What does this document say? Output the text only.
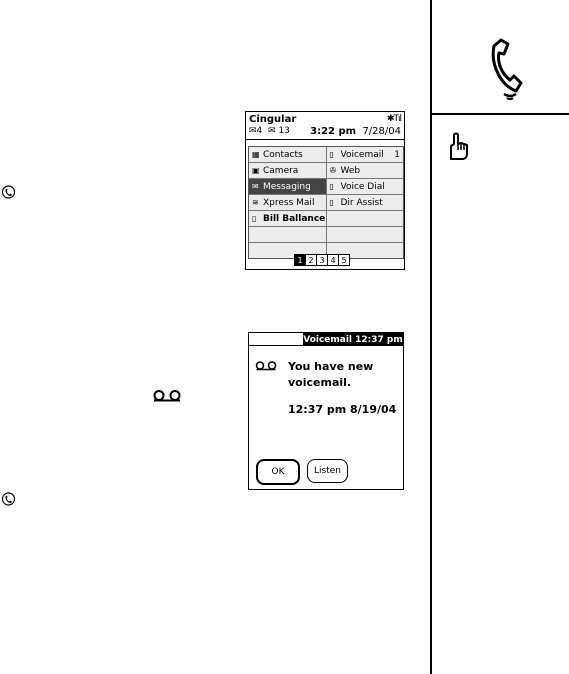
Cingular	✱Tıl
✉4 ✉ 13 3:22 pm 7/28/04
▦ Contacts	▯ Voicemail 1
▣ Camera	✇ Web
✉ Messaging ▯ Voice Dial
≋ Xpress Mail ▯ Dir Assist
▯ Bill Ballance
1 2 3 4 5
Voicemail 12:37 pm
You have new voicemail.
12:37 pm 8/19/04
OK	Listen
